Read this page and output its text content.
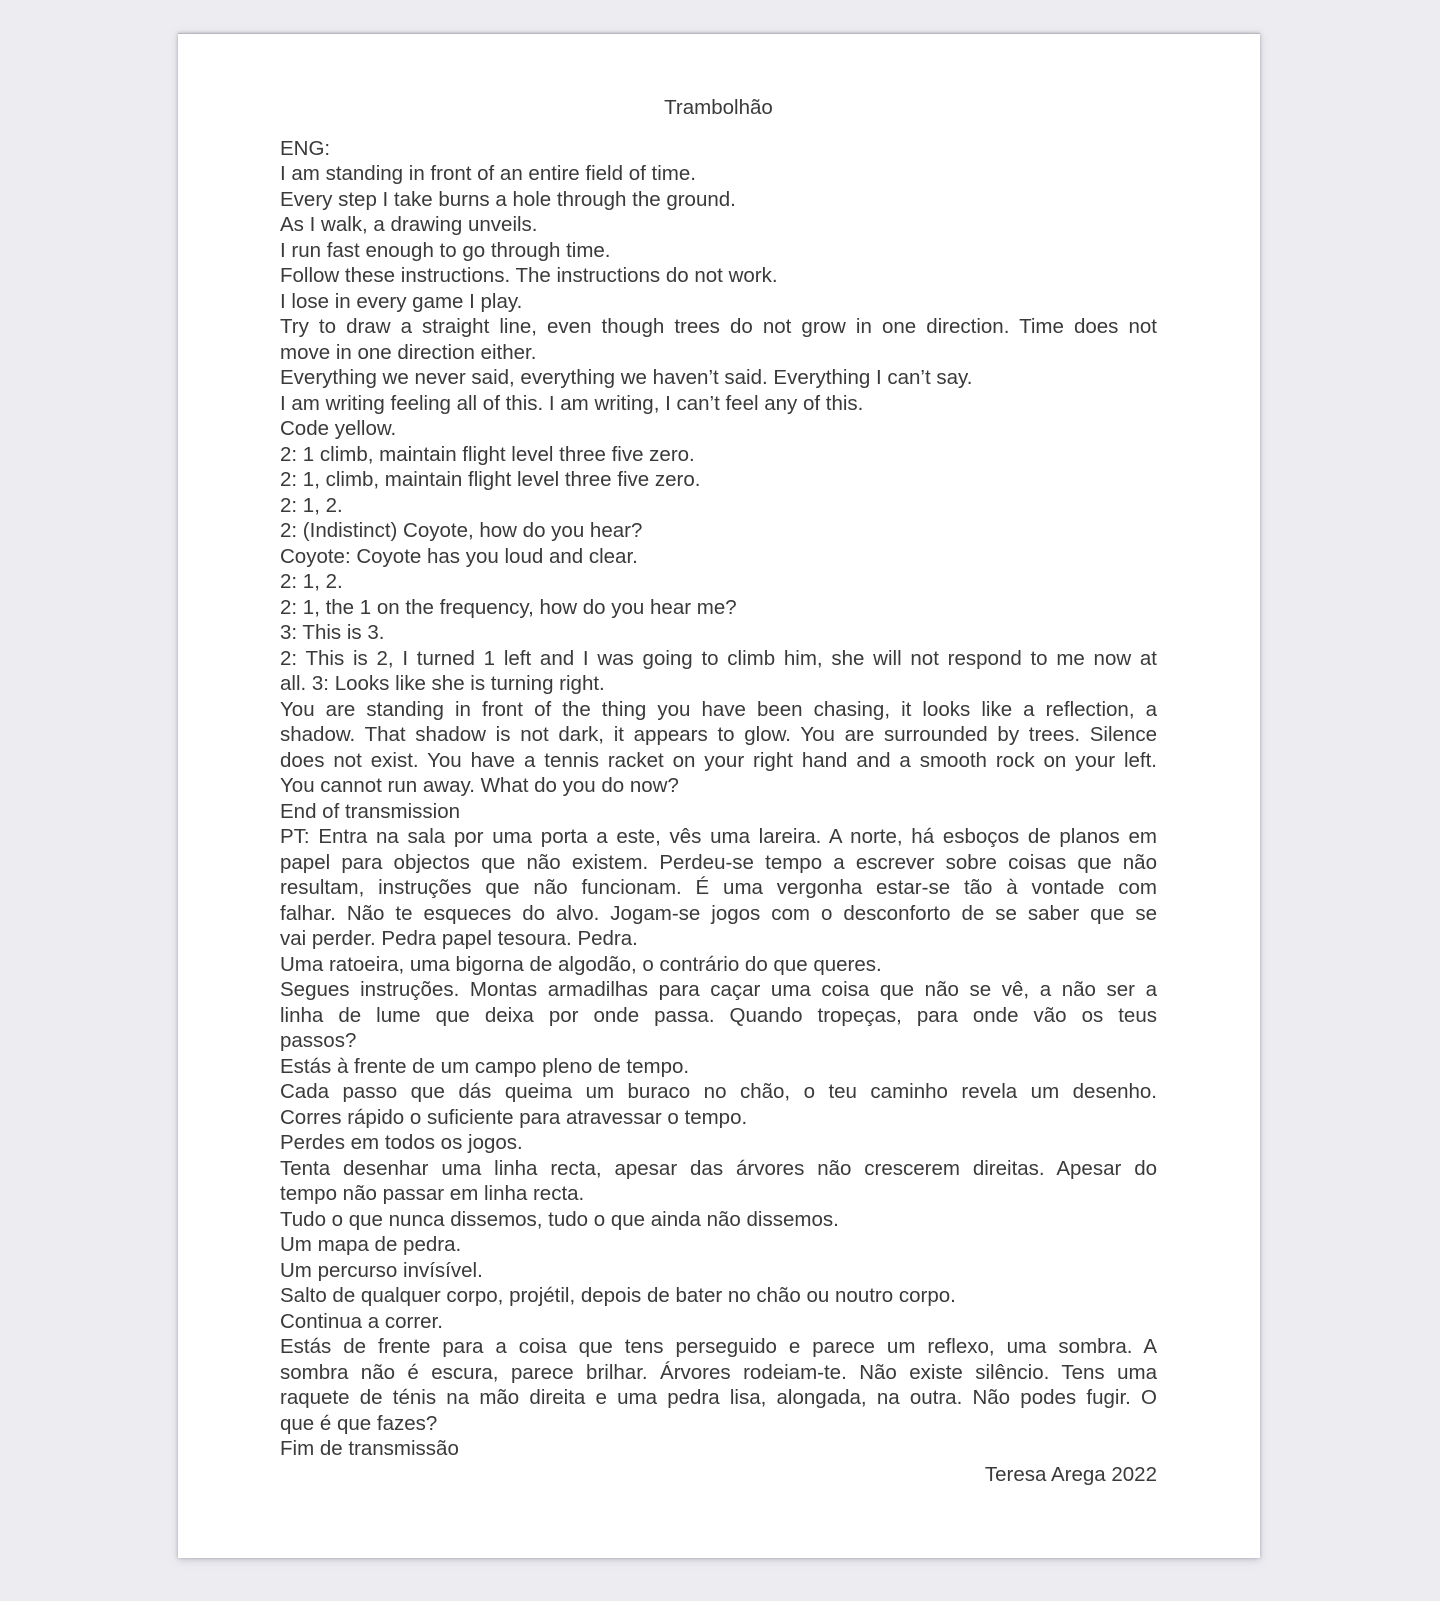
Trambolhão

ENG:

I am standing in front of an entire field of time.

Every step I take burns a hole through the ground.

As I walk, a drawing unveils.

I run fast enough to go through time.

Follow these instructions. The instructions do not work.

I lose in every game I play.

Try to draw a straight line, even though trees do not grow in one direction. Time does not

move in one direction either.

Everything we never said, everything we haven’t said. Everything I can’t say.

I am writing feeling all of this. I am writing, I can’t feel any of this.

Code yellow.

2: 1 climb, maintain flight level three five zero.

2: 1, climb, maintain flight level three five zero.

2: 1, 2.

2: (Indistinct) Coyote, how do you hear?

Coyote: Coyote has you loud and clear.

2: 1, 2.

2: 1, the 1 on the frequency, how do you hear me?

3: This is 3.

2: This is 2, I turned 1 left and I was going to climb him, she will not respond to me now at

all. 3: Looks like she is turning right.

You are standing in front of the thing you have been chasing, it looks like a reflection, a

shadow. That shadow is not dark, it appears to glow. You are surrounded by trees. Silence

does not exist. You have a tennis racket on your right hand and a smooth rock on your left.

You cannot run away. What do you do now?

End of transmission

PT: Entra na sala por uma porta a este, vês uma lareira. A norte, há esboços de planos em

papel para objectos que não existem. Perdeu-se tempo a escrever sobre coisas que não

resultam, instruções que não funcionam. É uma vergonha estar-se tão à vontade com

falhar. Não te esqueces do alvo. Jogam-se jogos com o desconforto de se saber que se

vai perder. Pedra papel tesoura. Pedra.

Uma ratoeira, uma bigorna de algodão, o contrário do que queres.

Segues instruções. Montas armadilhas para caçar uma coisa que não se vê, a não ser a

linha de lume que deixa por onde passa. Quando tropeças, para onde vão os teus

passos?

Estás à frente de um campo pleno de tempo.

Cada passo que dás queima um buraco no chão, o teu caminho revela um desenho.

Corres rápido o suficiente para atravessar o tempo.

Perdes em todos os jogos.

Tenta desenhar uma linha recta, apesar das árvores não crescerem direitas. Apesar do

tempo não passar em linha recta.

Tudo o que nunca dissemos, tudo o que ainda não dissemos.

Um mapa de pedra.

Um percurso invísível.

Salto de qualquer corpo, projétil, depois de bater no chão ou noutro corpo.

Continua a correr.

Estás de frente para a coisa que tens perseguido e parece um reflexo, uma sombra. A

sombra não é escura, parece brilhar. Árvores rodeiam-te. Não existe silêncio. Tens uma

raquete de ténis na mão direita e uma pedra lisa, alongada, na outra. Não podes fugir. O

que é que fazes?

Fim de transmissão

Teresa Arega 2022
